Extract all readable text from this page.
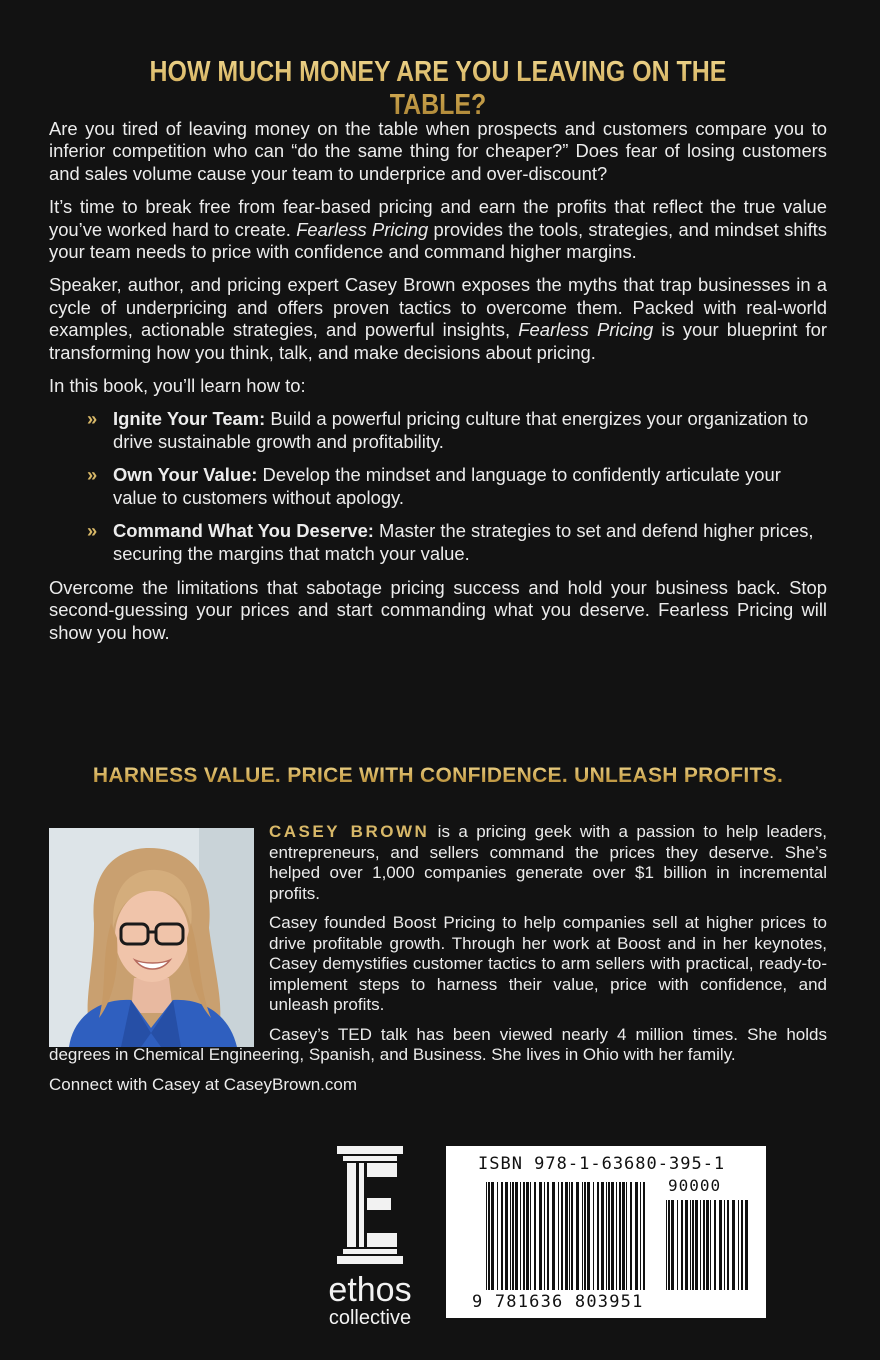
HOW MUCH MONEY ARE YOU LEAVING ON THE TABLE?

Are you tired of leaving money on the table when prospects and customers compare you to inferior competition who can “do the same thing for cheaper?” Does fear of losing customers and sales volume cause your team to underprice and over-discount?

It’s time to break free from fear-based pricing and earn the profits that reflect the true value you’ve worked hard to create. Fearless Pricing provides the tools, strategies, and mindset shifts your team needs to price with confidence and command higher margins.

Speaker, author, and pricing expert Casey Brown exposes the myths that trap businesses in a cycle of underpricing and offers proven tactics to overcome them. Packed with real-world examples, actionable strategies, and powerful insights, Fearless Pricing is your blueprint for transforming how you think, talk, and make decisions about pricing.

In this book, you’ll learn how to:

» Ignite Your Team: Build a powerful pricing culture that energizes your organization to drive sustainable growth and profitability.
» Own Your Value: Develop the mindset and language to confidently articulate your value to customers without apology.
» Command What You Deserve: Master the strategies to set and defend higher prices, securing the margins that match your value.

Overcome the limitations that sabotage pricing success and hold your business back. Stop second-guessing your prices and start commanding what you deserve. Fearless Pricing will show you how.

HARNESS VALUE. PRICE WITH CONFIDENCE. UNLEASH PROFITS.

CASEY BROWN is a pricing geek with a passion to help leaders, entrepreneurs, and sellers command the prices they deserve. She’s helped over 1,000 companies generate over $1 billion in incremental profits.

Casey founded Boost Pricing to help companies sell at higher prices to drive profitable growth. Through her work at Boost and in her keynotes, Casey demystifies customer tactics to arm sellers with practical, ready-to-implement steps to harness their value, price with confidence, and unleash profits.

Casey’s TED talk has been viewed nearly 4 million times. She holds degrees in Chemical Engineering, Spanish, and Business. She lives in Ohio with her family.

Connect with Casey at CaseyBrown.com

ethos
collective
ISBN 978-1-63680-395-1
90000
9 781636 803951
